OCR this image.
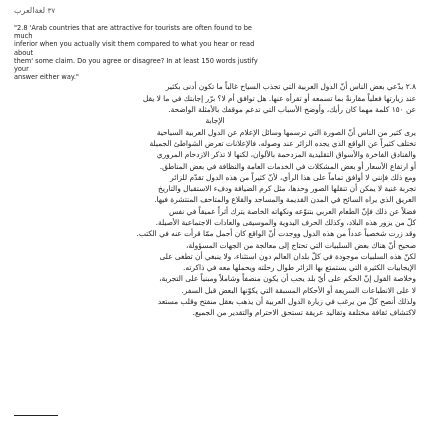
٣٧ لغةالعرب
"2.8 'Arab countries that are attractive for tourists are often found to be much
inferior when you actually visit them compared to what you hear or read about
them' some claim. Do you agree or disagree? In at least 150 words justify your
answer either way."

٢.٨ يدّعي بعض الناس أنّ الدول العربية التي تجذب السياح غالباً ما تكون أدنى بكثير

عند زيارتها فعلياً مقارنةً بما تسمعه أو تقرأه عنها. هل توافق أم لا؟ برّر إجابتك في ما لا يقل

عن ١٥٠ كلمة مهما كان رأيك، وأوضح الأسباب التي تدعم موقفك بالأمثلة الواضحة.

الإجابة

يرى كثير من الناس أنّ الصورة التي ترسمها وسائل الإعلام عن الدول العربية السياحية

تختلف كثيراً عن الواقع الذي يجده الزائر عند وصوله، فالإعلانات تعرض الشواطئ الجميلة

والفنادق الفاخرة والأسواق التقليدية المزدحمة بالألوان، لكنها لا تذكر الازدحام المروري

أو ارتفاع الأسعار أو بعض المشكلات في الخدمات العامة والنظافة في بعض المناطق.

ومع ذلك فإنني لا أوافق تماماً على هذا الرأي، لأنّ كثيراً من هذه الدول تقدّم للزائر

تجربة غنية لا يمكن أن تنقلها الصور وحدها، مثل كرم الضيافة ودفء الاستقبال والتاريخ

العريق الذي يراه السائح في المدن القديمة والمساجد والقلاع والمتاحف المنتشرة فيها.

فضلاً عن ذلك فإنّ الطعام العربي بتنوّعه ونكهاته الخاصة يترك أثراً عميقاً في نفس

كلّ من يزور هذه البلاد، وكذلك الحرف اليدوية والموسيقى والعادات الاجتماعية الأصيلة.

وقد زرت شخصياً عدداً من هذه الدول ووجدت أنّ الواقع كان أجمل ممّا قرأت عنه في الكتب.

صحيح أنّ هناك بعض السلبيات التي تحتاج إلى معالجة من الجهات المسؤولة،

لكنّ هذه السلبيات موجودة في كلّ بلدان العالم دون استثناء، ولا ينبغي أن تطغى على

الإيجابيات الكثيرة التي يستمتع بها الزائر طوال رحلته ويحملها معه في ذاكرته.

وخلاصة القول إنّ الحكم على أيّ بلد يجب أن يكون منصفاً وشاملاً ومبنياً على التجربة،

لا على الانطباعات السريعة أو الأحكام المسبقة التي يكوّنها البعض قبل السفر.

ولذلك أنصح كلّ من يرغب في زيارة الدول العربية أن يذهب بعقل منفتح وقلب مستعد

لاكتشاف ثقافة مختلفة وتقاليد عريقة تستحق الاحترام والتقدير من الجميع.
